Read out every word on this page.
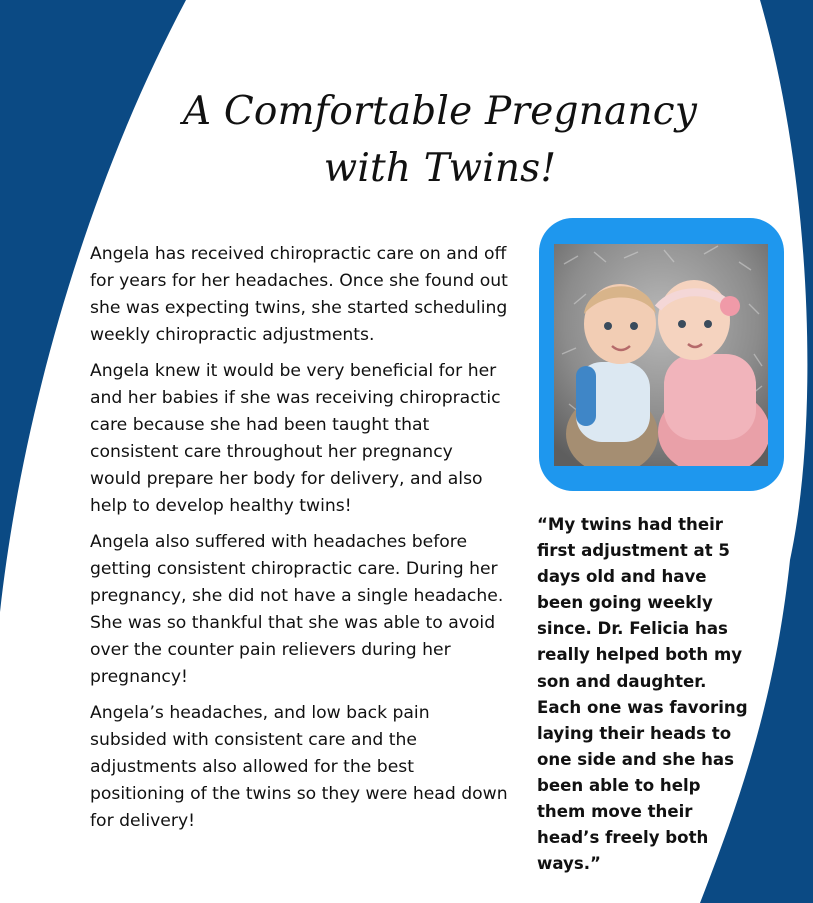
A Comfortable Pregnancy
with Twins!

Angela has received chiropractic care on and off for years for her headaches. Once she found out she was expecting twins, she started scheduling weekly chiropractic adjustments.

Angela knew it would be very beneficial for her and her babies if she was receiving chiropractic care because she had been taught that consistent care throughout her pregnancy would prepare her body for delivery, and also help to develop healthy twins!

Angela also suffered with headaches before getting consistent chiropractic care. During her pregnancy, she did not have a single headache. She was so thankful that she was able to avoid over the counter pain relievers during her pregnancy!

Angela’s headaches, and low back pain subsided with consistent care and the adjustments also allowed for the best positioning of the twins so they were head down for delivery!

“My twins had their first adjustment at 5 days old and have been going weekly since. Dr. Felicia has really helped both my son and daughter. Each one was favoring laying their heads to one side and she has been able to help them move their head’s freely both ways.”
